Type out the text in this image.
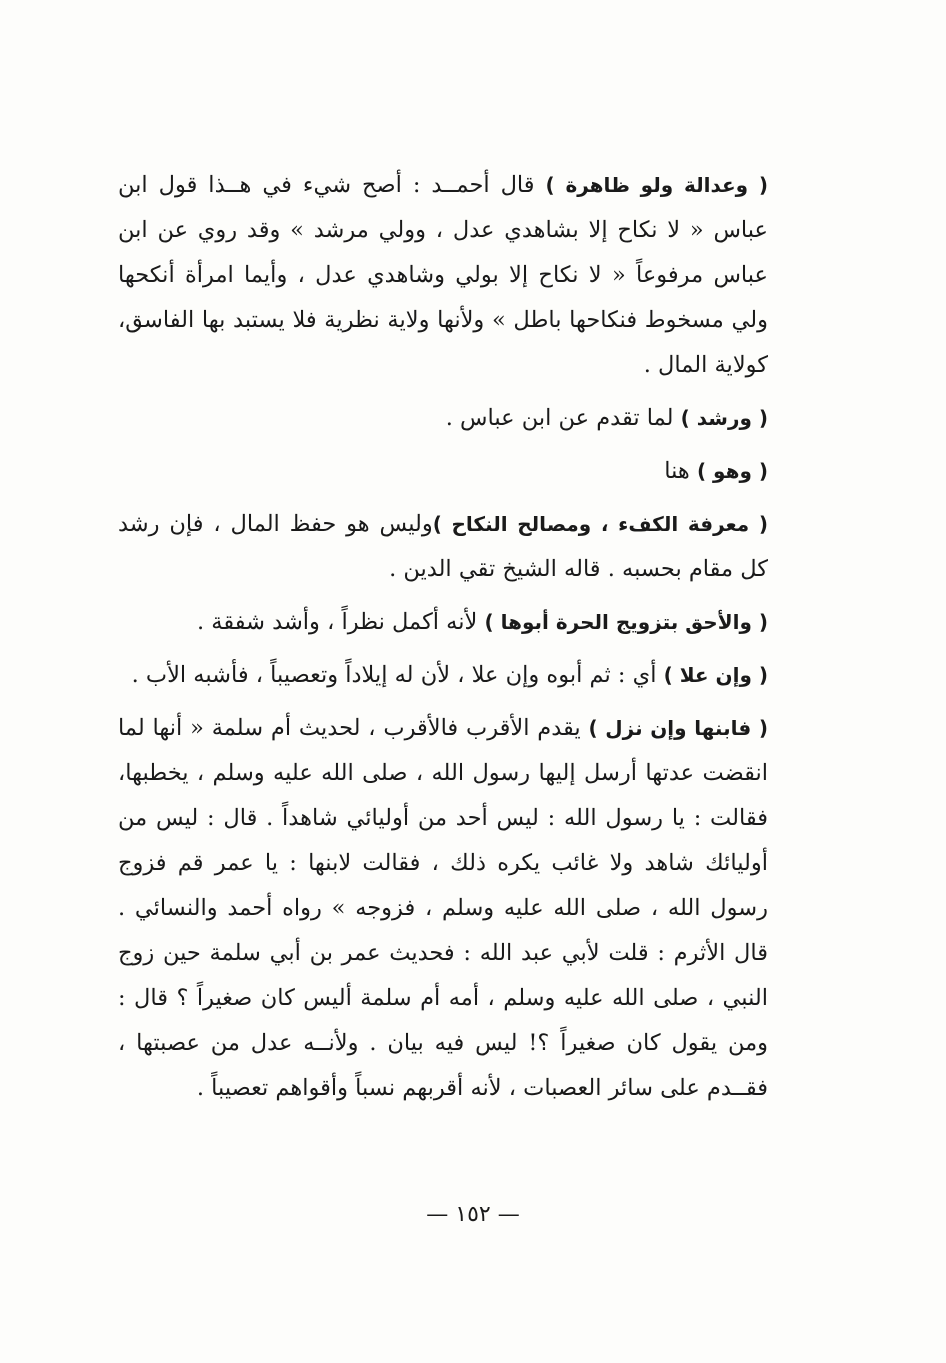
( وعدالة ولو ظاهرة ) قال أحمــد : أصح شيء في هــذا قول ابن عباس « لا نكاح إلا بشاهدي عدل ، وولي مرشد » وقد روي عن ابن عباس مرفوعاً « لا نكاح إلا بولي وشاهدي عدل ، وأيما امرأة أنكحها ولي مسخوط فنكاحها باطل » ولأنها ولاية نظرية فلا يستبد بها الفاسق، كولاية المال .

( ورشد ) لما تقدم عن ابن عباس .

( وهو ) هنا

( معرفة الكفء ، ومصالح النكاح )وليس هو حفظ المال ، فإن رشد كل مقام بحسبه . قاله الشيخ تقي الدين .

( والأحق بتزويج الحرة أبوها ) لأنه أكمل نظراً ، وأشد شفقة .

( وإن علا ) أي : ثم أبوه وإن علا ، لأن له إيلاداً وتعصيباً ، فأشبه الأب .

( فابنها وإن نزل ) يقدم الأقرب فالأقرب ، لحديث أم سلمة « أنها لما انقضت عدتها أرسل إليها رسول الله ، صلى الله عليه وسلم ، يخطبها، فقالت : يا رسول الله : ليس أحد من أوليائي شاهداً . قال : ليس من أوليائك شاهد ولا غائب يكره ذلك ، فقالت لابنها : يا عمر قم فزوج رسول الله ، صلى الله عليه وسلم ، فزوجه » رواه أحمد والنسائي . قال الأثرم : قلت لأبي عبد الله : فحديث عمر بن أبي سلمة حين زوج النبي ، صلى الله عليه وسلم ، أمه أم سلمة أليس كان صغيراً ؟ قال : ومن يقول كان صغيراً ؟! ليس فيه بيان . ولأنــه عدل من عصبتها ، فقــدم على سائر العصبات ، لأنه أقربهم نسباً وأقواهم تعصيباً .

— ١٥٢ —
